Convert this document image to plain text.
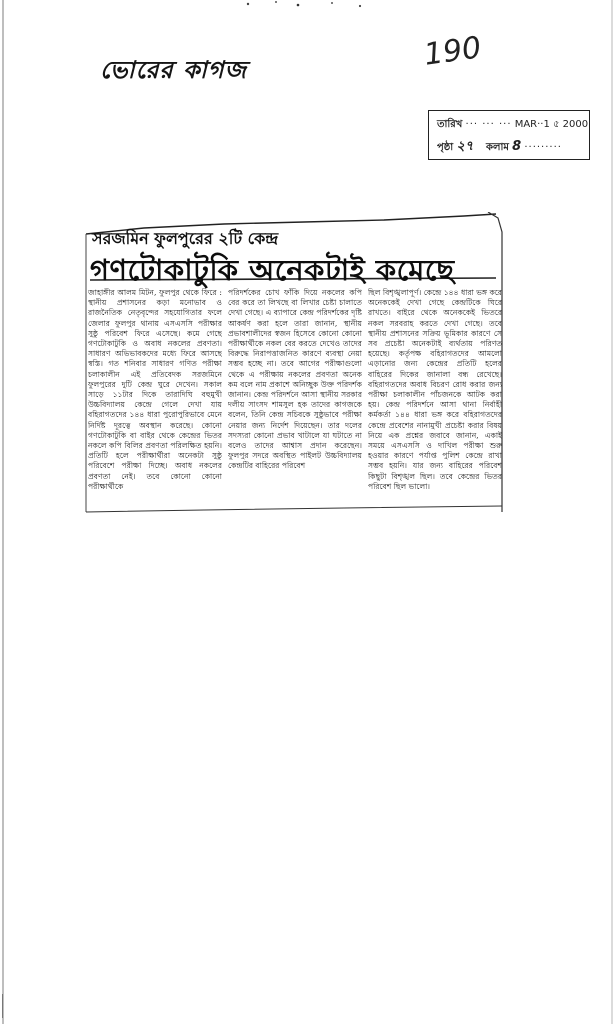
ভোরের কাগজ	190
তারিখ ··· ··· ··· MAR··1 ৫ 2000
পৃষ্ঠা ২৭ কলাম 8 ·········
সরজমিন ফুলপুরের ২টি কেন্দ্র
গণটোকাটুকি অনেকটাই কমেছে

জাহাঙ্গীর আলম মিটন, ফুলপুর থেকে ফিরে : স্থানীয় প্রশাসনের কড়া মনোভাব ও রাজনৈতিক নেতৃবৃন্দের সহযোগিতার ফলে জেলার ফুলপুর থানায় এসএসসি পরীক্ষার সুষ্ঠু পরিবেশ ফিরে এসেছে। কমে গেছে গণটোকাটুকি ও অবাধ নকলের প্রবণতা। সাধারণ অভিভাবকদের মধ্যে ফিরে আসছে স্বস্তি। গত শনিবার সাধারণ গণিত পরীক্ষা চলাকালীন এই প্রতিবেদক সরজমিনে ফুলপুরের দুটি কেন্দ্র ঘুরে দেখেন। সকাল সাড়ে ১১টার দিকে তারাদিঘি বহুমুখী উচ্চবিদ্যালয় কেন্দ্রে গেলে দেখা যায় বহিরাগতদের ১৪৪ ধারা পুরোপুরিভাবে মেনে নির্দিষ্ট দূরত্বে অবস্থান করেছে। কোনো গণটোকাটুকি বা বাইর থেকে কেন্দ্রের ভিতর নকলে কপি বিলির প্রবণতা পরিলক্ষিত হয়নি। প্রতিটি হলে পরীক্ষার্থীরা অনেকটা সুষ্ঠু পরিবেশে পরীক্ষা দিচ্ছে। অবাধ নকলের প্রবণতা নেই। তবে কোনো কোনো পরীক্ষার্থীকে

পরিদর্শকের চোখ ফাঁকি দিয়ে নকলের কপি বের করে তা লিখছে বা লিখার চেষ্টা চালাতে দেখা গেছে। এ ব্যাপারে কেন্দ্র পরিদর্শকের দৃষ্টি আকর্ষণ করা হলে তারা জানান, স্থানীয় প্রভাবশালীদের স্বজন হিসেবে কোনো কোনো পরীক্ষার্থীকে নকল বের করতে দেখেও তাদের বিরুদ্ধে নিরাপত্তাজনিত কারণে ব্যবস্থা নেয়া সম্ভব হচ্ছে না। তবে আগের পরীক্ষাগুলো থেকে এ পরীক্ষায় নকলের প্রবণতা অনেক কম বলে নাম প্রকাশে অনিচ্ছুক উক্ত পরিদর্শক জানান। কেন্দ্র পরিদর্শনে আসা স্থানীয় সরকার দলীয় সাংসদ শামসুল হক তাদের কাগজকে বলেন, তিনি কেন্দ্র সচিবকে সুষ্ঠুভাবে পরীক্ষা নেয়ার জন্য নির্দেশ দিয়েছেন। তার দলের সদস্যরা কোনো প্রভাব খাটালে যা ঘটাতে না বলেও তাদের আশ্বাস প্রদান করেছেন। ফুলপুর সদরে অবস্থিত পাইলট উচ্চবিদ্যালয় কেন্দ্রটির বাহিরের পরিবেশ

ছিল বিশৃঙ্খলাপূর্ণ। কেন্দ্রে ১৪৪ ধারা ভঙ্গ করে অনেককেই দেখা গেছে কেন্দ্রটিকে ঘিরে রাখতে। বাইরে থেকে অনেককেই ভিতরে নকল সরবরাহ করতে দেখা গেছে। তবে স্থানীয় প্রশাসনের সক্রিয় ভূমিকার কারণে সে সব প্রচেষ্টা অনেকটাই ব্যর্থতায় পরিণত হয়েছে। কর্তৃপক্ষ বহিরাগতদের আমলো এড়ানোর জন্য কেন্দ্রের প্রতিটি হলের বাহিরের দিকের জানালা বন্ধ রেখেছে। বহিরাগতদের অবাধ বিচরণ রোধ করার জন্য পরীক্ষা চলাকালীন পাঁচজনকে আটক করা হয়। কেন্দ্র পরিদর্শনে আসা থানা নির্বাহী কর্মকর্তা ১৪৪ ধারা ভঙ্গ করে বহিরাগতদের কেন্দ্রে প্রবেশের নানামুখী প্রচেষ্টা করার বিষয় নিয়ে এক প্রশ্নের জবাবে জানান, একাই সময়ে এসএসসি ও দাখিল পরীক্ষা শুরু হওয়ার কারণে পর্যাপ্ত পুলিশ কেন্দ্রে রাখা সম্ভব হয়নি। যার জন্য বাহিরের পরিবেশ কিছুটা বিশৃঙ্খল ছিল। তবে কেন্দ্রের ভিতর পরিবেশ ছিল ভালো।
